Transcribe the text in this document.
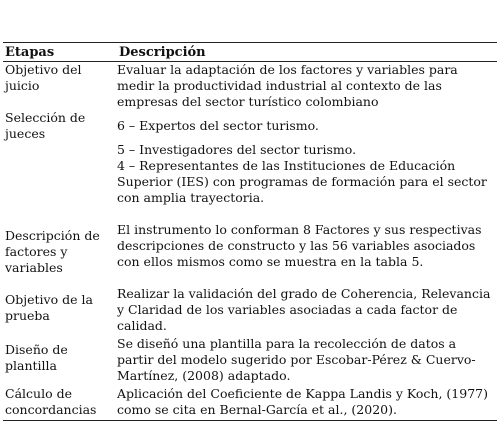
Etapas	Descripción
Objetivo del
juicio

Evaluar la adaptación de los factores y variables para medir la productividad industrial al contexto de las empresas del sector turístico colombiano

Selección de
jueces

6 – Expertos del sector turismo.

5 – Investigadores del sector turismo.

4 – Representantes de las Instituciones de Educación Superior (IES) con programas de formación para el sector con amplia trayectoria.

Descripción de
factores y
variables

El instrumento lo conforman 8 Factores y sus respectivas descripciones de constructo y las 56 variables asociados con ellos mismos como se muestra en la tabla 5.

Objetivo de la
prueba

Realizar la validación del grado de Coherencia, Relevancia y Claridad de los variables asociadas a cada factor de calidad.

Diseño de
plantilla

Se diseñó una plantilla para la recolección de datos a partir del modelo sugerido por Escobar-Pérez & Cuervo-Martínez, (2008) adaptado.

Cálculo de
concordancias

Aplicación del Coeficiente de Kappa Landis y Koch, (1977) como se cita en Bernal-García et al., (2020).
